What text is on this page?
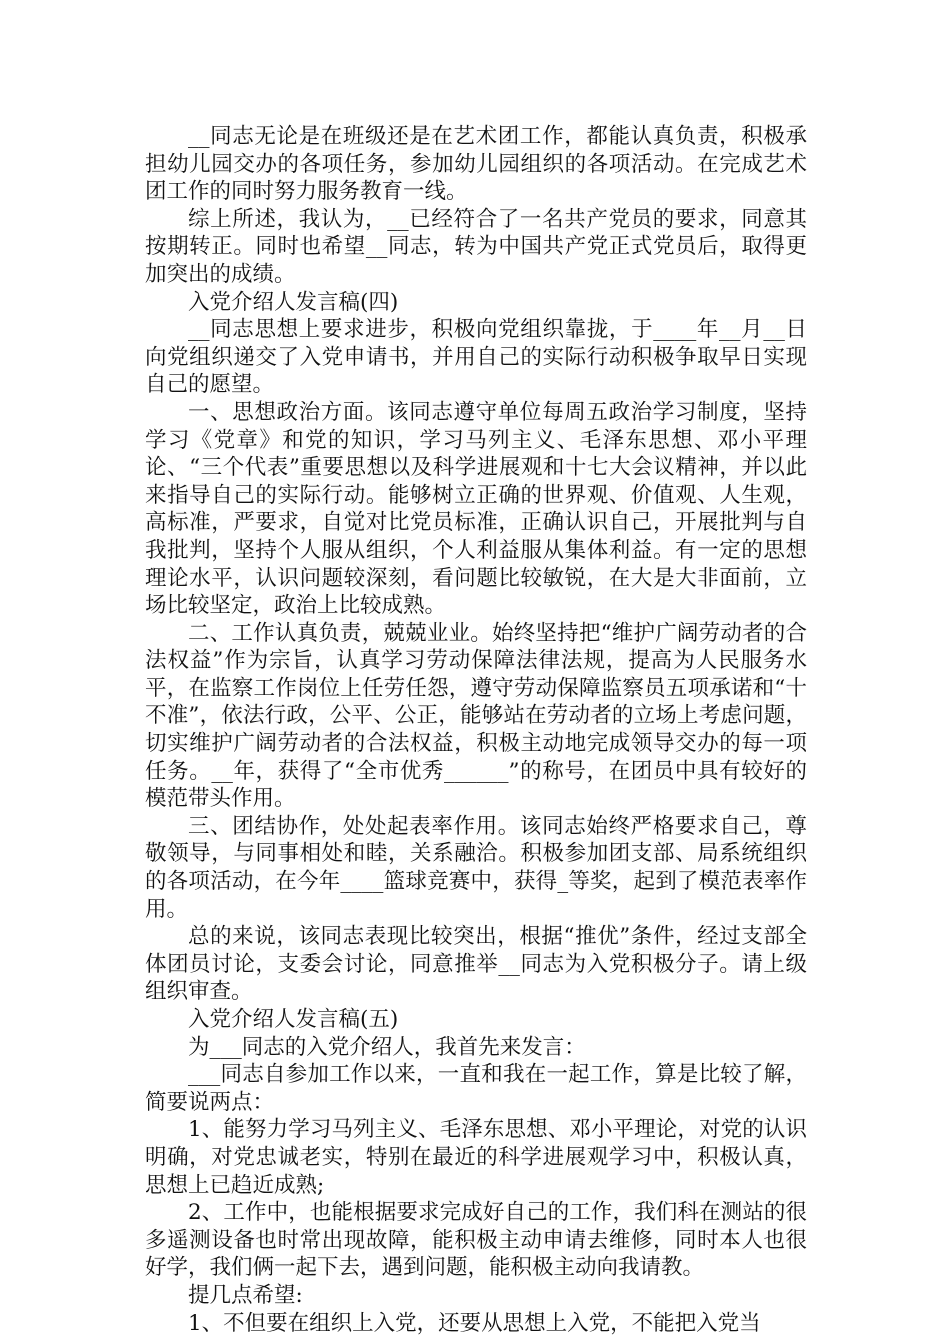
__同志无论是在班级还是在艺术团工作，都能认真负责，积极承担幼儿园交办的各项任务，参加幼儿园组织的各项活动。在完成艺术团工作的同时努力服务教育一线。

综上所述，我认为，__已经符合了一名共产党员的要求，同意其按期转正。同时也希望__同志，转为中国共产党正式党员后，取得更加突出的成绩。

入党介绍人发言稿(四)

__同志思想上要求进步，积极向党组织靠拢，于____年__月__日向党组织递交了入党申请书，并用自己的实际行动积极争取早日实现自己的愿望。

一、思想政治方面。该同志遵守单位每周五政治学习制度，坚持学习《党章》和党的知识，学习马列主义、毛泽东思想、邓小平理论、“三个代表”重要思想以及科学进展观和十七大会议精神，并以此来指导自己的实际行动。能够树立正确的世界观、价值观、人生观，高标准，严要求，自觉对比党员标准，正确认识自己，开展批判与自我批判，坚持个人服从组织，个人利益服从集体利益。有一定的思想理论水平，认识问题较深刻，看问题比较敏锐，在大是大非面前，立场比较坚定，政治上比较成熟。

二、工作认真负责，兢兢业业。始终坚持把“维护广阔劳动者的合法权益”作为宗旨，认真学习劳动保障法律法规，提高为人民服务水平，在监察工作岗位上任劳任怨，遵守劳动保障监察员五项承诺和“十不准”，依法行政，公平、公正，能够站在劳动者的立场上考虑问题，切实维护广阔劳动者的合法权益，积极主动地完成领导交办的每一项任务。__年，获得了“全市优秀______”的称号，在团员中具有较好的模范带头作用。

三、团结协作，处处起表率作用。该同志始终严格要求自己，尊敬领导，与同事相处和睦，关系融洽。积极参加团支部、局系统组织的各项活动，在今年____篮球竞赛中，获得_等奖，起到了模范表率作用。

总的来说，该同志表现比较突出，根据“推优”条件，经过支部全体团员讨论，支委会讨论，同意推举__同志为入党积极分子。请上级组织审查。

入党介绍人发言稿(五)

为___同志的入党介绍人，我首先来发言：

___同志自参加工作以来，一直和我在一起工作，算是比较了解，简要说两点：

1、能努力学习马列主义、毛泽东思想、邓小平理论，对党的认识明确，对党忠诚老实，特别在最近的科学进展观学习中，积极认真，思想上已趋近成熟;

2、工作中，也能根据要求完成好自己的工作，我们科在测站的很多遥测设备也时常出现故障，能积极主动申请去维修，同时本人也很好学，我们俩一起下去，遇到问题，能积极主动向我请教。

提几点希望:

1、不但要在组织上入党，还要从思想上入党，不能把入党当
